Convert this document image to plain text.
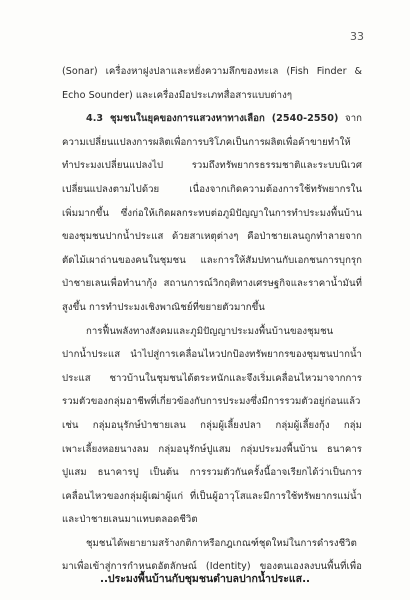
33
(Sonar) เครื่องหาฝูงปลาและหยั่งความลึกของทะเล (Fish Finder &
Echo Sounder) และเครื่องมือประเภทสื่อสารแบบต่างๆ
4.3 ชุมชนในยุคของการแสวงหาทางเลือก (2540-2550) จาก
ความเปลี่ยนแปลงการผลิตเพื่อการบริโภคเป็นการผลิตเพื่อค้าขายทำให้
ทำประมงเปลี่ยนแปลงไป รวมถึงทรัพยากรธรรมชาติและระบบนิเวศ
เปลี่ยนแปลงตามไปด้วย เนื่องจากเกิดความต้องการใช้ทรัพยากรใน
เพิ่มมากขึ้น ซึ่งก่อให้เกิดผลกระทบต่อภูมิปัญญาในการทำประมงพื้นบ้าน
ของชุมชนปากน้ำประแส ด้วยสาเหตุต่างๆ คือป่าชายเลนถูกทำลายจาก
ตัดไม้เผาถ่านของคนในชุมชน และการให้สัมปทานกับเอกชนการบุกรุก
ป่าชายเลนเพื่อทำนากุ้ง สถานการณ์วิกฤติทางเศรษฐกิจและราคาน้ำมันที่
สูงขึ้น การทำประมงเชิงพาณิชย์ที่ขยายตัวมากขึ้น
การฟื้นพลังทางสังคมและภูมิปัญญาประมงพื้นบ้านของชุมชน
ปากน้ำประแส นำไปสู่การเคลื่อนไหวปกป้องทรัพยากรของชุมชนปากน้ำ
ประแส ชาวบ้านในชุมชนได้ตระหนักและจึงเริ่มเคลื่อนไหวมาจากการ
รวมตัวของกลุ่มอาชีพที่เกี่ยวข้องกับการประมงซึ่งมีการรวมตัวอยู่ก่อนแล้ว
เช่น กลุ่มอนุรักษ์ป่าชายเลน กลุ่มผู้เลี้ยงปลา กลุ่มผู้เลี้ยงกุ้ง กลุ่ม
เพาะเลี้ยงหอยนางลม กลุ่มอนุรักษ์ปูแสม กลุ่มประมงพื้นบ้าน ธนาคาร
ปูแสม ธนาคารปู เป็นต้น การรวมตัวกันครั้งนี้อาจเรียกได้ว่าเป็นการ
เคลื่อนไหวของกลุ่มผู้เฒ่าผู้แก่ ที่เป็นผู้อาวุโสและมีการใช้ทรัพยากรแม่น้ำ
และป่าชายเลนมาแทบตลอดชีวิต
ชุมชนได้พยายามสร้างกติกาหรือกฎเกณฑ์ชุดใหม่ในการดำรงชีวิต
มาเพื่อเข้าสู่การกำหนดอัตลักษณ์ (Identity) ของตนเองลงบนพื้นที่เพื่อ
..ประมงพื้นบ้านกับชุมชนตำบลปากน้ำประแส..
